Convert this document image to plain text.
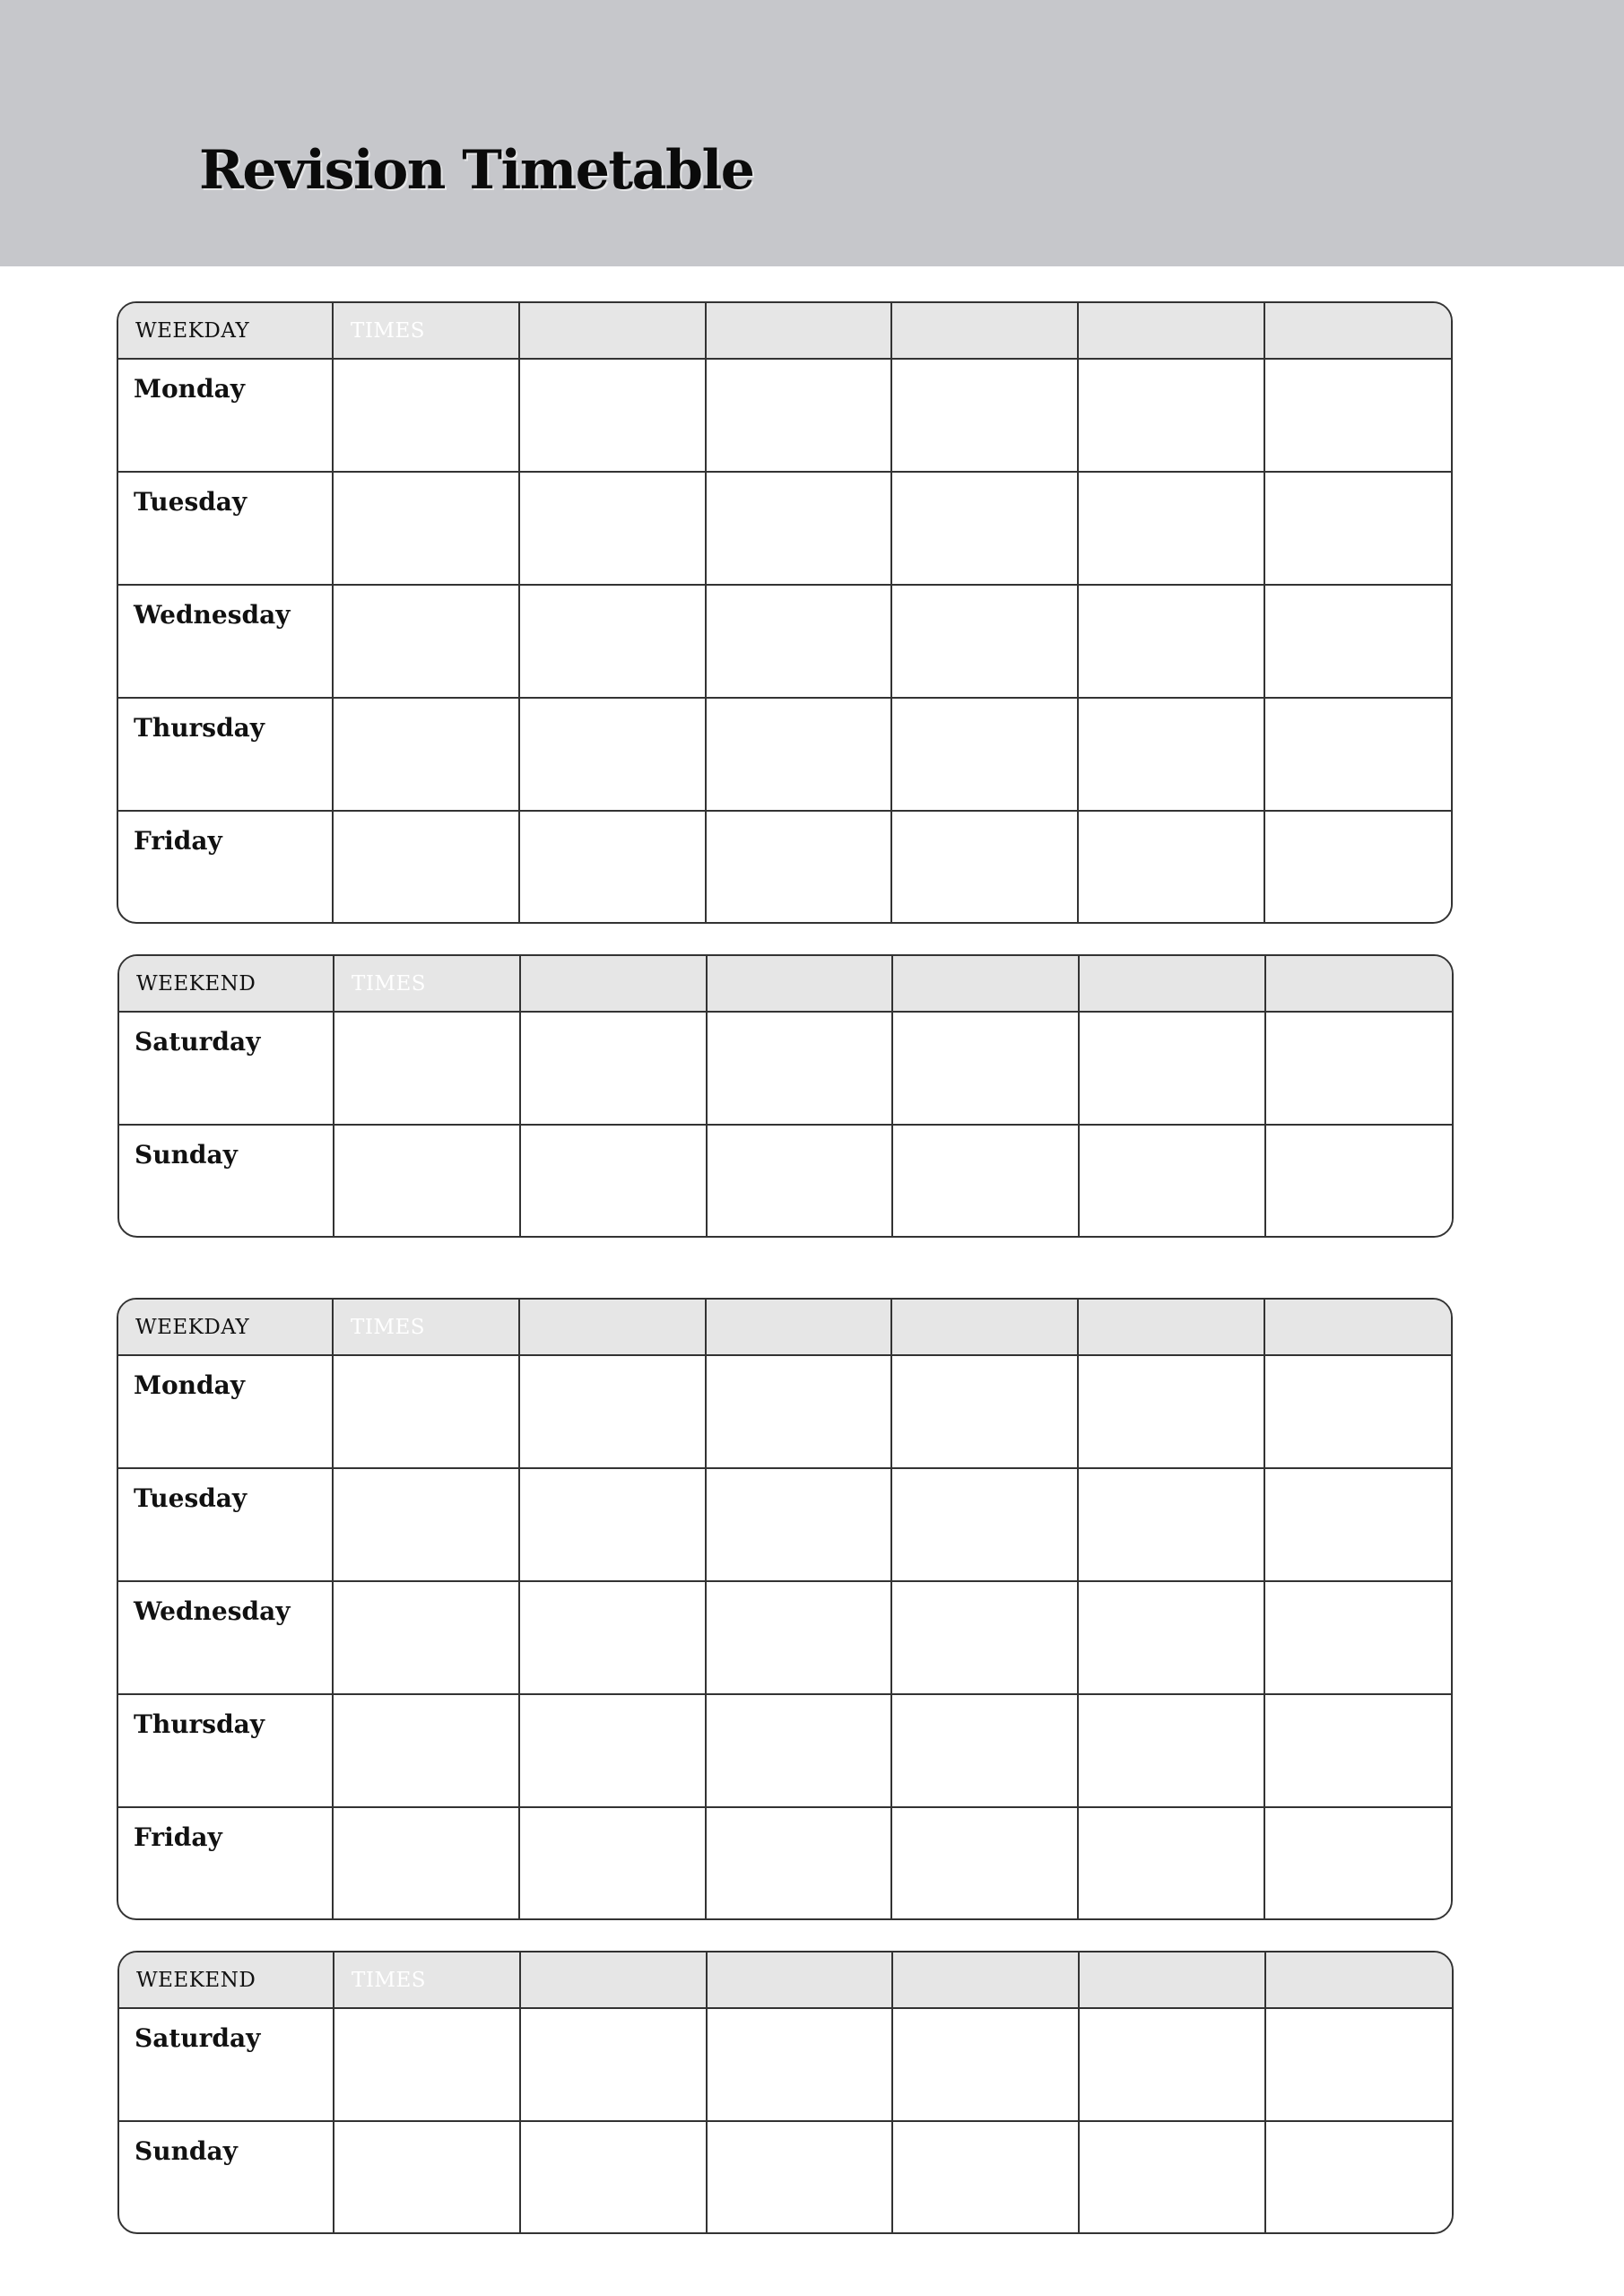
Revision Timetable
WEEKDAY	TIMES					
Monday						
Tuesday						
Wednesday						
Thursday						
Friday						
WEEKEND	TIMES					
Saturday						
Sunday						
WEEKDAY	TIMES					
Monday						
Tuesday						
Wednesday						
Thursday						
Friday						
WEEKEND	TIMES					
Saturday						
Sunday						
